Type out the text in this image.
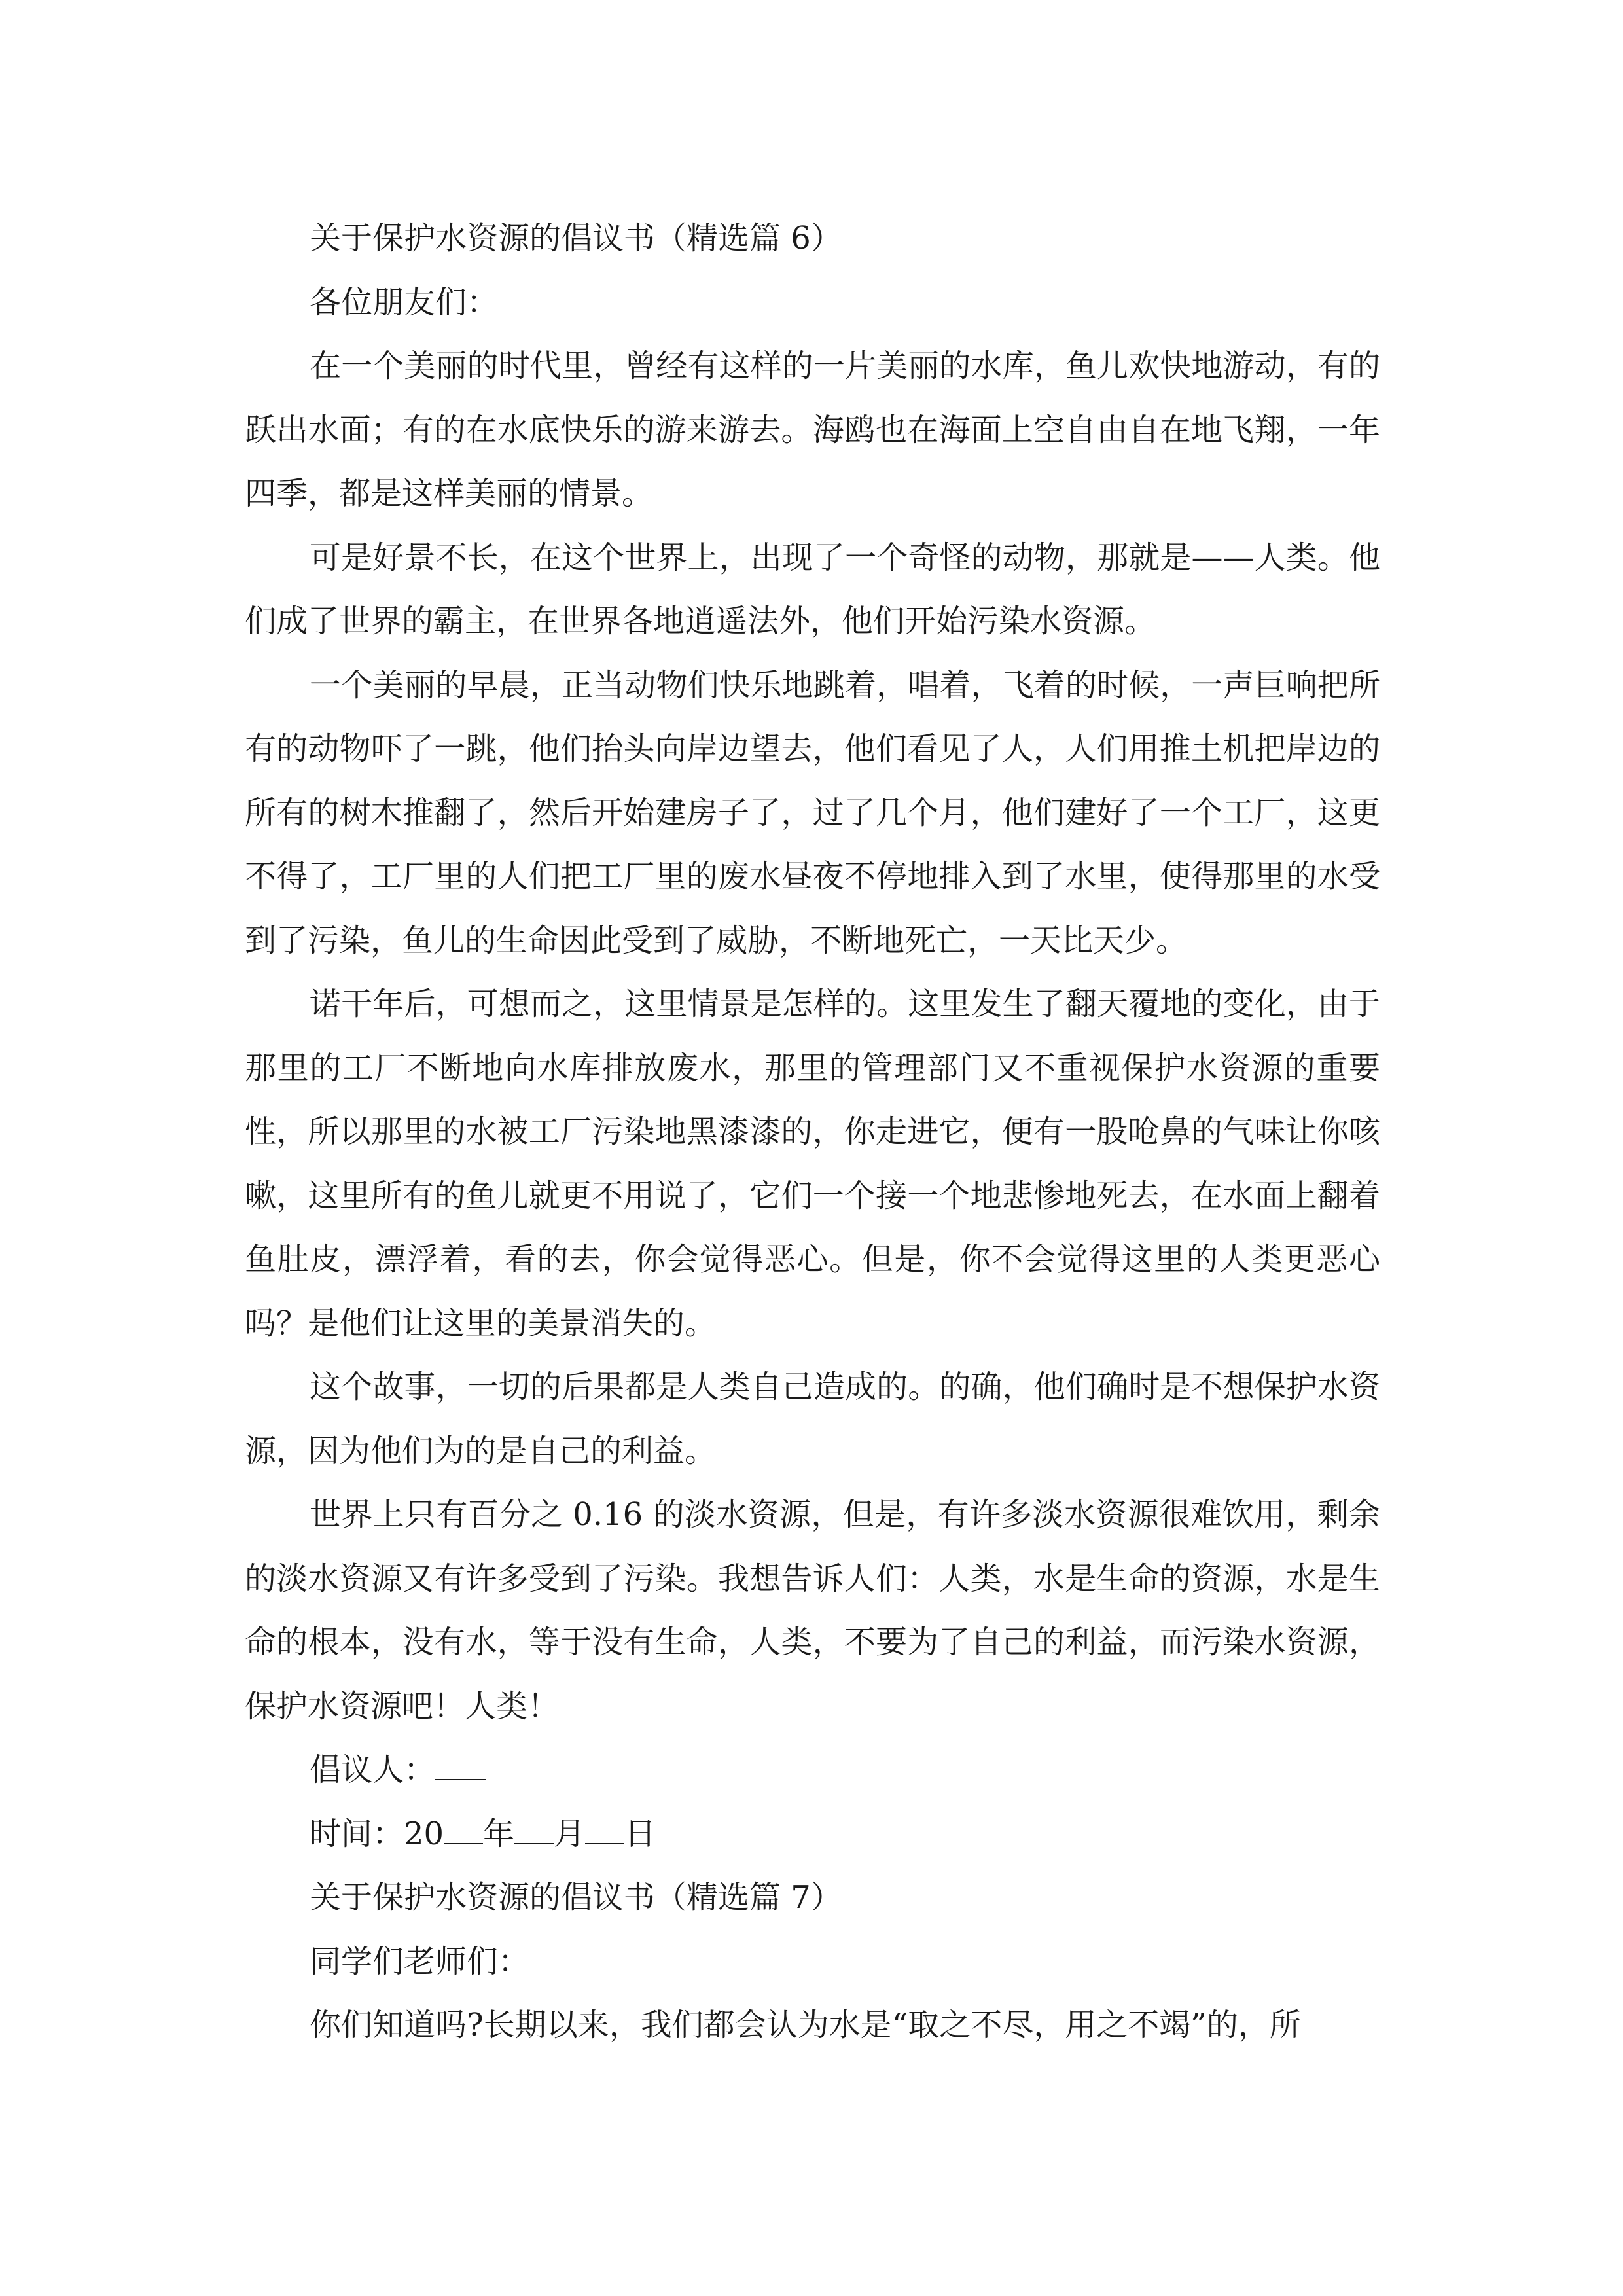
关于保护水资源的倡议书（精选篇 6）
各位朋友们：
在一个美丽的时代里，曾经有这样的一片美丽的水库，鱼儿欢快地游动，有的跃出水面；有的在水底快乐的游来游去。海鸥也在海面上空自由自在地飞翔，一年四季，都是这样美丽的情景。
可是好景不长，在这个世界上，出现了一个奇怪的动物，那就是——人类。他们成了世界的霸主，在世界各地逍遥法外，他们开始污染水资源。
一个美丽的早晨，正当动物们快乐地跳着，唱着，飞着的时候，一声巨响把所有的动物吓了一跳，他们抬头向岸边望去，他们看见了人，人们用推土机把岸边的所有的树木推翻了，然后开始建房子了，过了几个月，他们建好了一个工厂，这更不得了，工厂里的人们把工厂里的废水昼夜不停地排入到了水里，使得那里的水受到了污染，鱼儿的生命因此受到了威胁，不断地死亡，一天比天少。
诺干年后，可想而之，这里情景是怎样的。这里发生了翻天覆地的变化，由于那里的工厂不断地向水库排放废水，那里的管理部门又不重视保护水资源的重要性，所以那里的水被工厂污染地黑漆漆的，你走进它，便有一股呛鼻的气味让你咳嗽，这里所有的鱼儿就更不用说了，它们一个接一个地悲惨地死去，在水面上翻着鱼肚皮，漂浮着，看的去，你会觉得恶心。但是，你不会觉得这里的人类更恶心吗？是他们让这里的美景消失的。
这个故事，一切的后果都是人类自己造成的。的确，他们确时是不想保护水资源，因为他们为的是自己的利益。
世界上只有百分之 0.16 的淡水资源，但是，有许多淡水资源很难饮用，剩余的淡水资源又有许多受到了污染。我想告诉人们：人类，水是生命的资源，水是生命的根本，没有水，等于没有生命，人类，不要为了自己的利益，而污染水资源，保护水资源吧！人类！
倡议人：
时间：20 年 月 日
关于保护水资源的倡议书（精选篇 7）
同学们老师们：
你们知道吗?长期以来，我们都会认为水是“取之不尽，用之不竭”的，所
